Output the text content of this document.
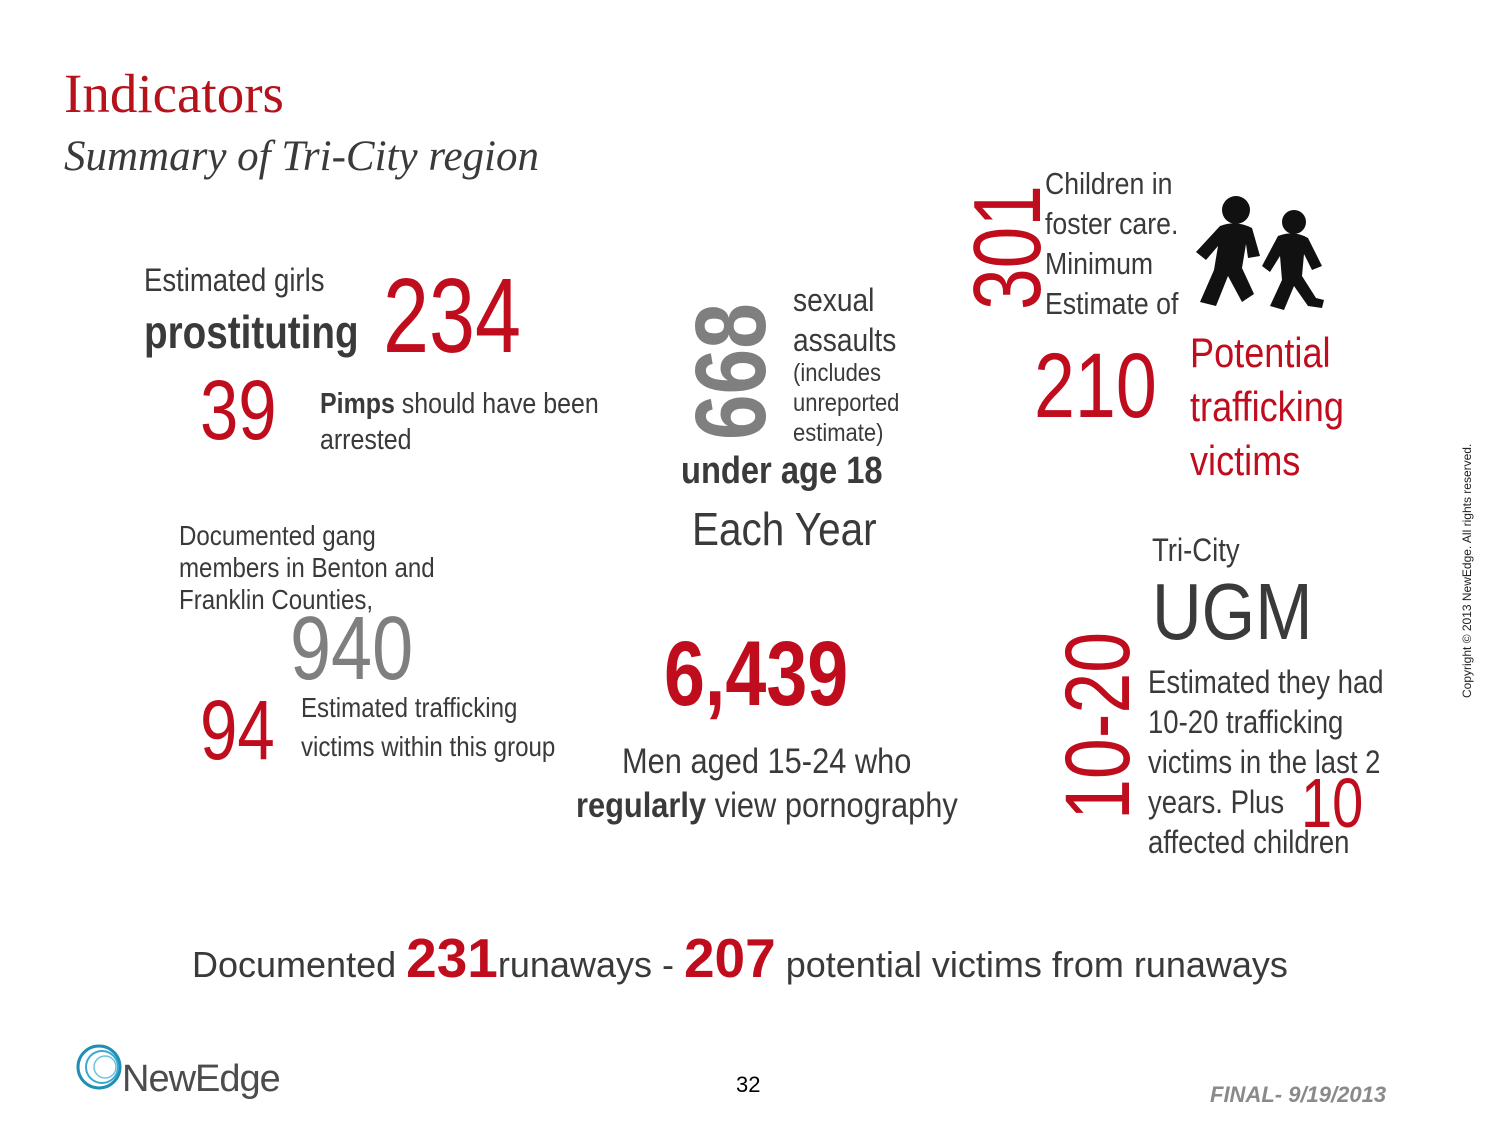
Indicators
Summary of Tri-City region
Estimated girls
prostituting 234
39 Pimps should have been
arrested
Documented gang
members in Benton and
Franklin Counties,
940
94 Estimated trafficking
victims within this group
668
sexual
assaults
(includes
unreported
estimate)
under age 18
Each Year
6,439
Men aged 15-24 who
regularly view pornography
301
Children in
foster care.
Minimum
Estimate of
210 Potential
trafficking
victims
Tri-City
UGM
10-20 Estimated they had
10-20 trafficking
victims in the last 2
years. Plus
affected children
10
Documented 231runaways - 207 potential victims from runaways
NewEdge	32	FINAL- 9/19/2013
Copyright © 2013 NewEdge. All rights reserved.
